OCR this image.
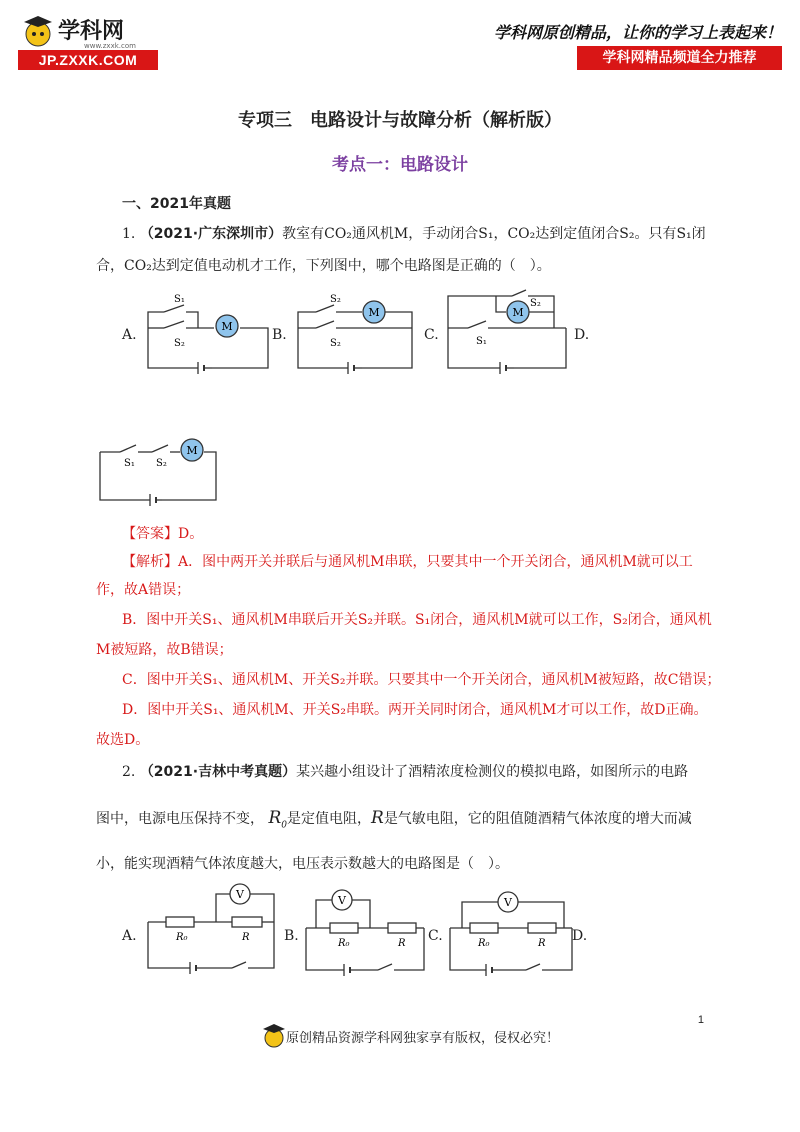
学科网
www.zxxk.com
JP.ZXXK.COM
学科网原创精品，让你的学习上表起来！
学科网精品频道全力推荐
专项三　电路设计与故障分析（解析版）
考点一：电路设计
一、2021年真题
1. （2021·广东深圳市）教室有CO₂通风机M，手动闭合S₁，CO₂达到定值闭合S₂。只有S₁闭
合，CO₂达到定值电动机才工作，下列图中，哪个电路图是正确的（　）。
A.	B.	C.	D.
M
S₁
S₂
M
S₂
S₂
M
S₂
S₁
M
S₁ S₂
【答案】D。
【解析】A．图中两开关并联后与通风机M串联，只要其中一个开关闭合，通风机M就可以工
作，故A错误；
B．图中开关S₁、通风机M串联后开关S₂并联。S₁闭合，通风机M就可以工作，S₂闭合，通风机
M被短路，故B错误；
C．图中开关S₁、通风机M、开关S₂并联。只要其中一个开关闭合，通风机M被短路，故C错误；
D．图中开关S₁、通风机M、开关S₂串联。两开关同时闭合，通风机M才可以工作，故D正确。
故选D。
2. （2021·吉林中考真题）某兴趣小组设计了酒精浓度检测仪的模拟电路，如图所示的电路
图中，电源电压保持不变， $R_0$是定值电阻，R是气敏电阻，它的阻值随酒精气体浓度的增大而减
小，能实现酒精气体浓度越大，电压表示数越大的电路图是（　）。
A.	B.	C.	D.
V
R₀	R
V
R₀	R
V
R₀	R
原创精品资源学科网独家享有版权，侵权必究！
1
